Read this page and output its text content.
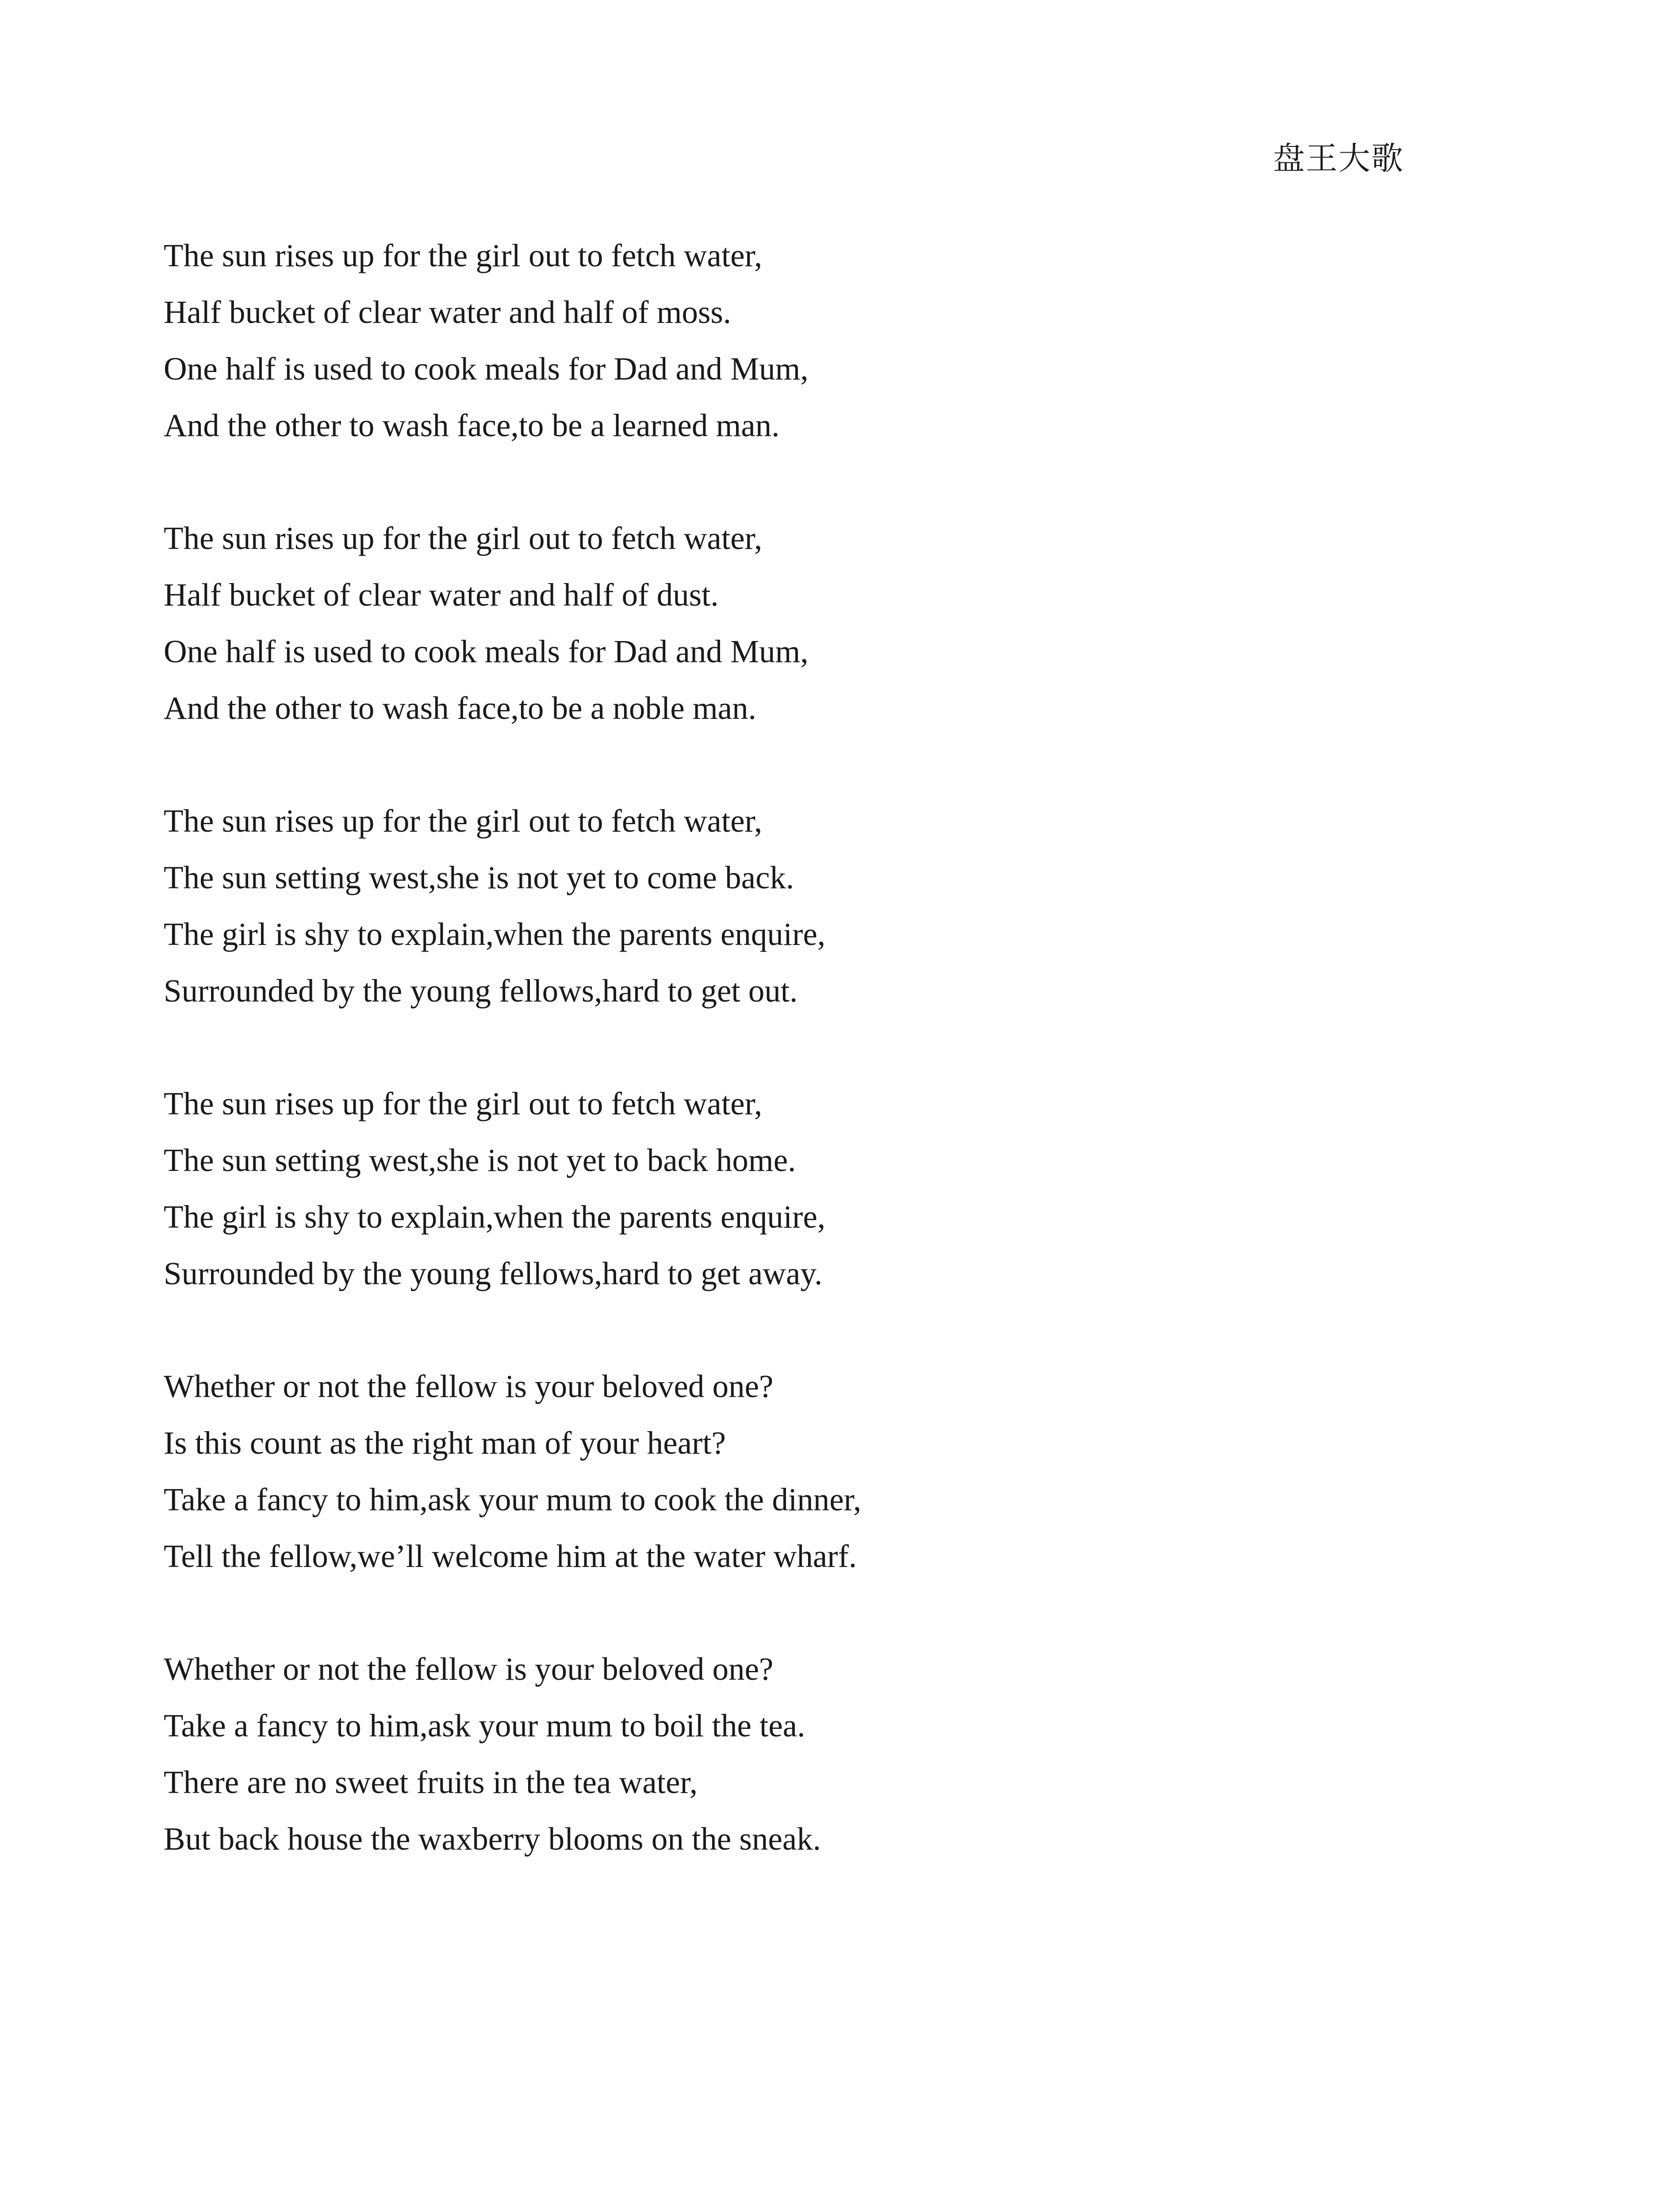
盘王大歌
The sun rises up for the girl out to fetch water,
Half bucket of clear water and half of moss.
One half is used to cook meals for Dad and Mum,
And the other to wash face,to be a learned man.
The sun rises up for the girl out to fetch water,
Half bucket of clear water and half of dust.
One half is used to cook meals for Dad and Mum,
And the other to wash face,to be a noble man.
The sun rises up for the girl out to fetch water,
The sun setting west,she is not yet to come back.
The girl is shy to explain,when the parents enquire,
Surrounded by the young fellows,hard to get out.
The sun rises up for the girl out to fetch water,
The sun setting west,she is not yet to back home.
The girl is shy to explain,when the parents enquire,
Surrounded by the young fellows,hard to get away.
Whether or not the fellow is your beloved one?
Is this count as the right man of your heart?
Take a fancy to him,ask your mum to cook the dinner,
Tell the fellow,we’ll welcome him at the water wharf.
Whether or not the fellow is your beloved one?
Take a fancy to him,ask your mum to boil the tea.
There are no sweet fruits in the tea water,
But back house the waxberry blooms on the sneak.
